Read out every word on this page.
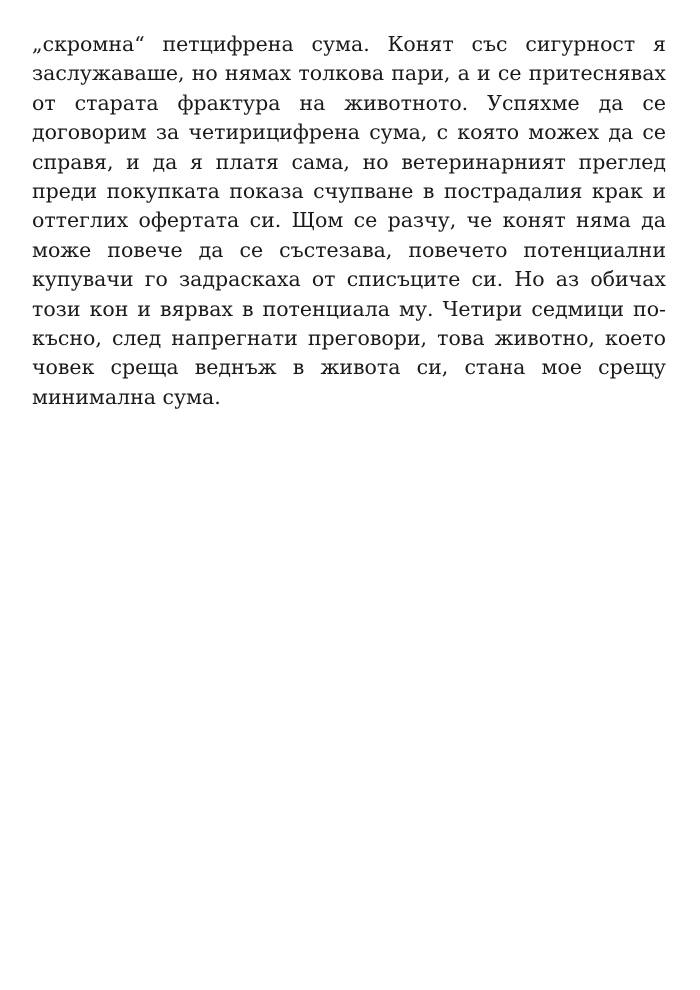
„скромна“ петцифрена сума. Конят със сигурност я заслужаваше, но нямах толкова пари, а и се притеснявах от старата фрактура на животното. Успяхме да се договорим за четирицифрена сума, с която можех да се справя, и да я платя сама, но ветеринарният преглед преди покупката показа счупване в пострадалия крак и оттеглих офертата си. Щом се разчу, че конят няма да може повече да се състезава, повечето потенциални купувачи го задраскаха от списъците си. Но аз обичах този кон и вярвах в потенциала му. Четири седмици по-късно, след напрегнати преговори, това животно, което човек среща веднъж в живота си, стана мое срещу минимална сума.
